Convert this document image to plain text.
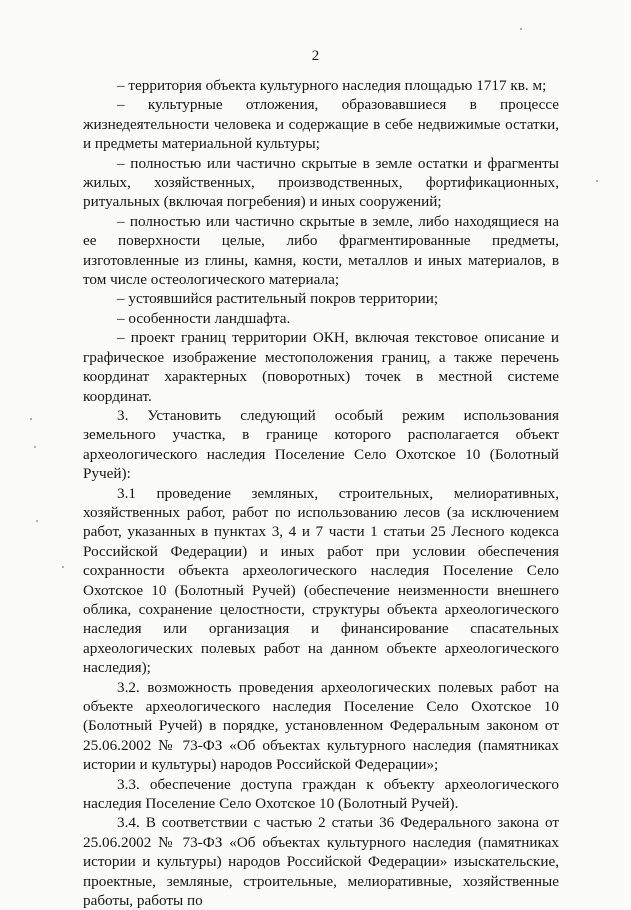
2

– территория объекта культурного наследия площадью 1717 кв. м;

– культурные отложения, образовавшиеся в процессе жизнедеятельности человека и содержащие в себе недвижимые остатки, и предметы материальной культуры;

– полностью или частично скрытые в земле остатки и фрагменты жилых, хозяйственных, производственных, фортификационных, ритуальных (включая погребения) и иных сооружений;

– полностью или частично скрытые в земле, либо находящиеся на ее поверхности целые, либо фрагментированные предметы, изготовленные из глины, камня, кости, металлов и иных материалов, в том числе остеологического материала;

– устоявшийся растительный покров территории;

– особенности ландшафта.

– проект границ территории ОКН, включая текстовое описание и графическое изображение местоположения границ, а также перечень координат характерных (поворотных) точек в местной системе координат.

3. Установить следующий особый режим использования земельного участка, в границе которого располагается объект археологического наследия Поселение Село Охотское 10 (Болотный Ручей):

3.1 проведение земляных, строительных, мелиоративных, хозяйственных работ, работ по использованию лесов (за исключением работ, указанных в пунктах 3, 4 и 7 части 1 статьи 25 Лесного кодекса Российской Федерации) и иных работ при условии обеспечения сохранности объекта археологического наследия Поселение Село Охотское 10 (Болотный Ручей) (обеспечение неизменности внешнего облика, сохранение целостности, структуры объекта археологического наследия или организация и финансирование спасательных археологических полевых работ на данном объекте археологического наследия);

3.2. возможность проведения археологических полевых работ на объекте археологического наследия Поселение Село Охотское 10 (Болотный Ручей) в порядке, установленном Федеральным законом от 25.06.2002 № 73-ФЗ «Об объектах культурного наследия (памятниках истории и культуры) народов Российской Федерации»;

3.3. обеспечение доступа граждан к объекту археологического наследия Поселение Село Охотское 10 (Болотный Ручей).

3.4. В соответствии с частью 2 статьи 36 Федерального закона от 25.06.2002 № 73-ФЗ «Об объектах культурного наследия (памятниках истории и культуры) народов Российской Федерации» изыскательские, проектные, земляные, строительные, мелиоративные, хозяйственные работы, работы по
